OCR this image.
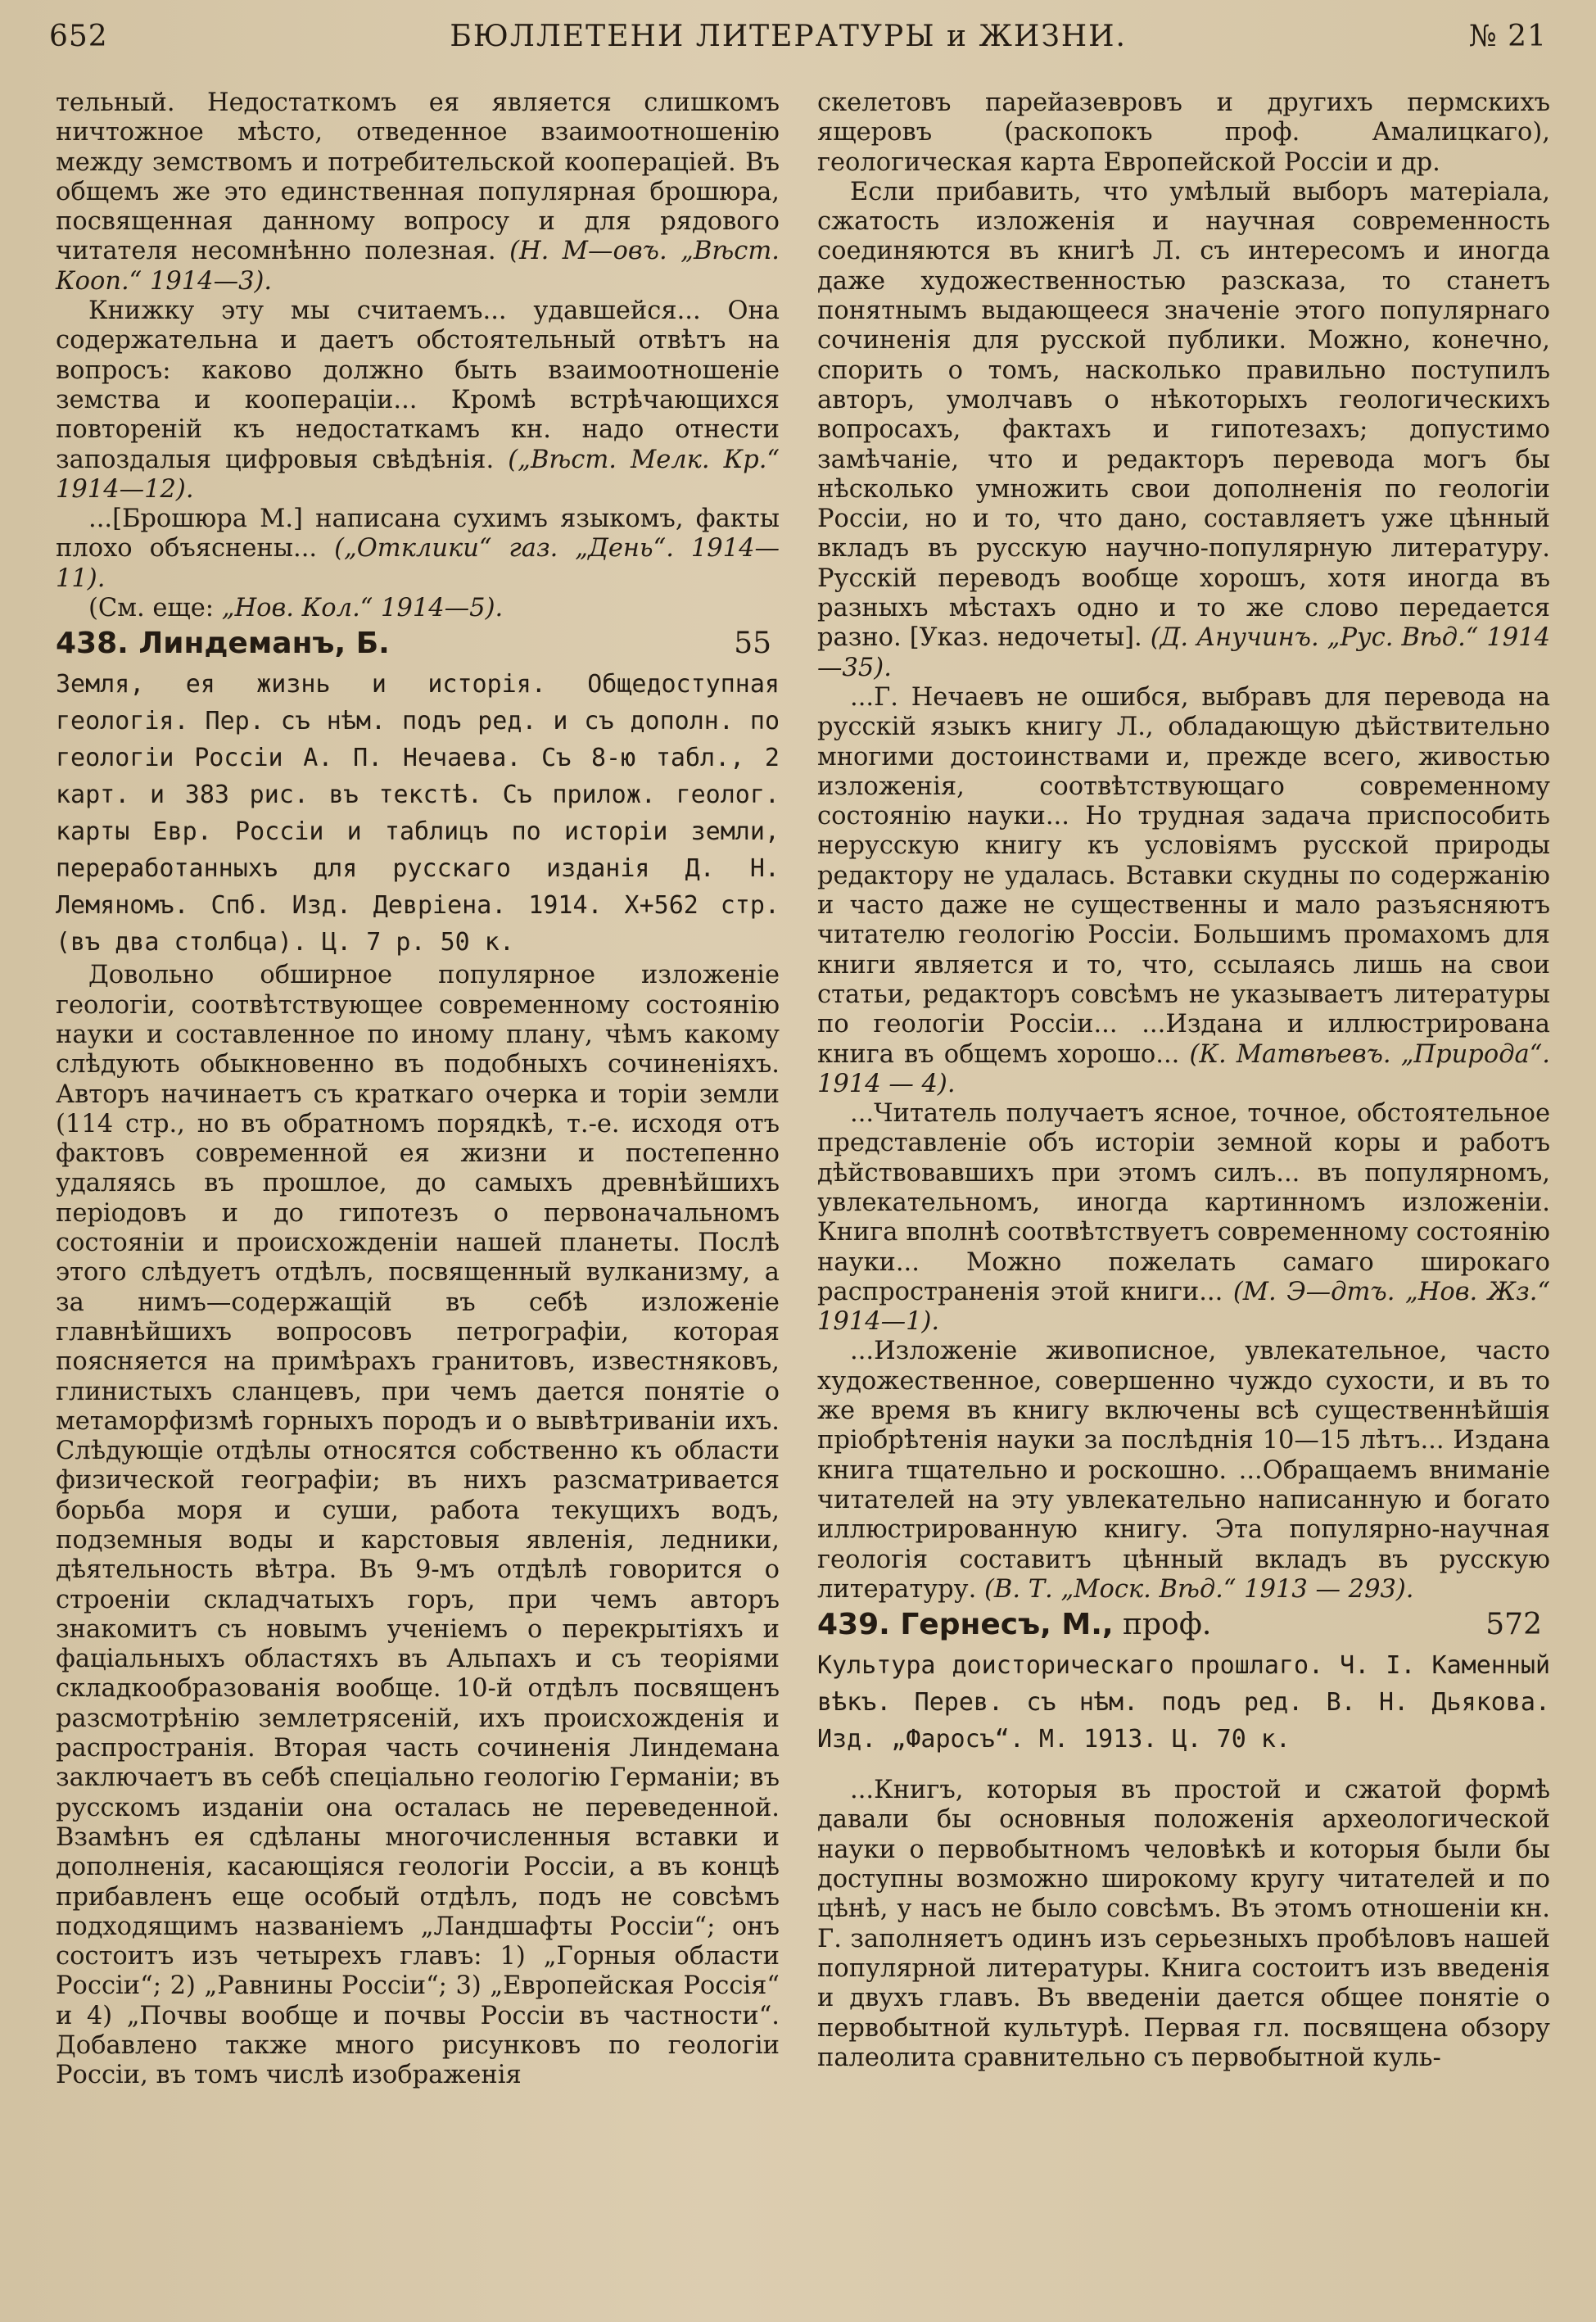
652	БЮЛЛЕТЕНИ ЛИТЕРАТУРЫ и ЖИЗНИ.	№ 21

тельный. Недостаткомъ ея является слишкомъ ничтожное мѣсто, отведенное взаимоотношенію между земствомъ и потребительской коопераціей. Въ общемъ же это единственная популярная брошюра, посвященная данному вопросу и для рядового читателя несомнѣнно полезная. (Н. М—овъ. „Вѣст. Кооп.“ 1914—3).

Книжку эту мы считаемъ... удавшейся... Она содержательна и даетъ обстоятельный отвѣтъ на вопросъ: каково должно быть взаимоотношеніе земства и коопераціи... Кромѣ встрѣчающихся повтореній къ недостаткамъ кн. надо отнести запоздалыя цифровыя свѣдѣнія. („Вѣст. Мелк. Кр.“ 1914—12).

...[Брошюра М.] написана сухимъ языкомъ, факты плохо объяснены... („Отклики“ газ. „День“. 1914—11).

(См. еще: „Нов. Кол.“ 1914—5).

438. Линдеманъ, Б.	55

Земля, ея жизнь и исторія. Общедоступная геологія. Пер. съ нѣм. подъ ред. и съ дополн. по геологіи Россіи А. П. Нечаева. Съ 8-ю табл., 2 карт. и 383 рис. въ текстѣ. Съ прилож. геолог. карты Евр. Россіи и таблицъ по исторіи земли, переработанныхъ для русскаго изданія Д. Н. Лемяномъ. Спб. Изд. Девріена. 1914. X+562 стр. (въ два столбца). Ц. 7 р. 50 к.

Довольно обширное популярное изложеніе геологіи, соотвѣтствующее современному состоянію науки и составленное по иному плану, чѣмъ какому слѣдують обыкновенно въ подобныхъ сочиненіяхъ. Авторъ начинаетъ съ краткаго очерка и торіи земли (114 стр., но въ обратномъ порядкѣ, т.-е. исходя отъ фактовъ современной ея жизни и постепенно удаляясь въ прошлое, до самыхъ древнѣйшихъ періодовъ и до гипотезъ о первоначальномъ состояніи и происхожденіи нашей планеты. Послѣ этого слѣдуетъ отдѣлъ, посвященный вулканизму, а за нимъ—содержащій въ себѣ изложеніе главнѣйшихъ вопросовъ петрографіи, которая поясняется на примѣрахъ гранитовъ, известняковъ, глинистыхъ сланцевъ, при чемъ дается понятіе о метаморфизмѣ горныхъ породъ и о вывѣтриваніи ихъ. Слѣдующіе отдѣлы относятся собственно къ области физической географіи; въ нихъ разсматривается борьба моря и суши, работа текущихъ водъ, подземныя воды и карстовыя явленія, ледники, дѣятельность вѣтра. Въ 9-мъ отдѣлѣ говорится о строеніи складчатыхъ горъ, при чемъ авторъ знакомитъ съ новымъ ученіемъ о перекрытіяхъ и фаціальныхъ областяхъ въ Альпахъ и съ теоріями складкообразованія вообще. 10-й отдѣлъ посвященъ разсмотрѣнію землетрясеній, ихъ происхожденія и распространія. Вторая часть сочиненія Линдемана заключаетъ въ себѣ спеціально геологію Германіи; въ русскомъ изданіи она осталась не переведенной. Взамѣнъ ея сдѣланы многочисленныя вставки и дополненія, касающіяся геологіи Россіи, а въ концѣ прибавленъ еще особый отдѣлъ, подъ не совсѣмъ подходящимъ названіемъ „Ландшафты Россіи“; онъ состоитъ изъ четырехъ главъ: 1) „Горныя области Россіи“; 2) „Равнины Россіи“; 3) „Европейская Россія“ и 4) „Почвы вообще и почвы Россіи въ частности“. Добавлено также много рисунковъ по геологіи Россіи, въ томъ числѣ изображенія

скелетовъ парейазевровъ и другихъ пермскихъ ящеровъ (раскопокъ проф. Амалицкаго), геологическая карта Европейской Россіи и др.

Если прибавить, что умѣлый выборъ матеріала, сжатость изложенія и научная современность соединяются въ книгѣ Л. съ интересомъ и иногда даже художественностью разсказа, то станетъ понятнымъ выдающееся значеніе этого популярнаго сочиненія для русской публики. Можно, конечно, спорить о томъ, насколько правильно поступилъ авторъ, умолчавъ о нѣкоторыхъ геологическихъ вопросахъ, фактахъ и гипотезахъ; допустимо замѣчаніе, что и редакторъ перевода могъ бы нѣсколько умножить свои дополненія по геологіи Россіи, но и то, что дано, составляетъ уже цѣнный вкладъ въ русскую научно-популярную литературу. Русскій переводъ вообще хорошъ, хотя иногда въ разныхъ мѣстахъ одно и то же слово передается разно. [Указ. недочеты]. (Д. Анучинъ. „Рус. Вѣд.“ 1914—35).

...Г. Нечаевъ не ошибся, выбравъ для перевода на русскій языкъ книгу Л., обладающую дѣйствительно многими достоинствами и, прежде всего, живостью изложенія, соотвѣтствующаго современному состоянію науки... Но трудная задача приспособить нерусскую книгу къ условіямъ русской природы редактору не удалась. Вставки скудны по содержанію и часто даже не существенны и мало разъясняютъ читателю геологію Россіи. Большимъ промахомъ для книги является и то, что, ссылаясь лишь на свои статьи, редакторъ совсѣмъ не указываетъ литературы по геологіи Россіи... ...Издана и иллюстрирована книга въ общемъ хорошо... (К. Матвѣевъ. „Природа“. 1914 — 4).

...Читатель получаетъ ясное, точное, обстоятельное представленіе объ исторіи земной коры и работъ дѣйствовавшихъ при этомъ силъ... въ популярномъ, увлекательномъ, иногда картинномъ изложеніи. Книга вполнѣ соотвѣтствуетъ современному состоянію науки... Можно пожелать самаго широкаго распространенія этой книги... (М. Э—дтъ. „Нов. Жз.“ 1914—1).

...Изложеніе живописное, увлекательное, часто художественное, совершенно чуждо сухости, и въ то же время въ книгу включены всѣ существеннѣйшія пріобрѣтенія науки за послѣднія 10—15 лѣтъ... Издана книга тщательно и роскошно. ...Обращаемъ вниманіе читателей на эту увлекательно написанную и богато иллюстрированную книгу. Эта популярно-научная геологія составитъ цѣнный вкладъ въ русскую литературу. (В. Т. „Моск. Вѣд.“ 1913 — 293).

439. Гернесъ, М., проф.	572

Культура доисторическаго прошлаго. Ч. I. Каменный вѣкъ. Перев. съ нѣм. подъ ред. В. Н. Дьякова. Изд. „Фаросъ“. М. 1913. Ц. 70 к.

...Книгъ, которыя въ простой и сжатой формѣ давали бы основныя положенія археологической науки о первобытномъ человѣкѣ и которыя были бы доступны возможно широкому кругу читателей и по цѣнѣ, у насъ не было совсѣмъ. Въ этомъ отношеніи кн. Г. заполняетъ одинъ изъ серьезныхъ пробѣловъ нашей популярной литературы. Книга состоитъ изъ введенія и двухъ главъ. Въ введеніи дается общее понятіе о первобытной культурѣ. Первая гл. посвящена обзору палеолита сравнительно съ первобытной куль-
